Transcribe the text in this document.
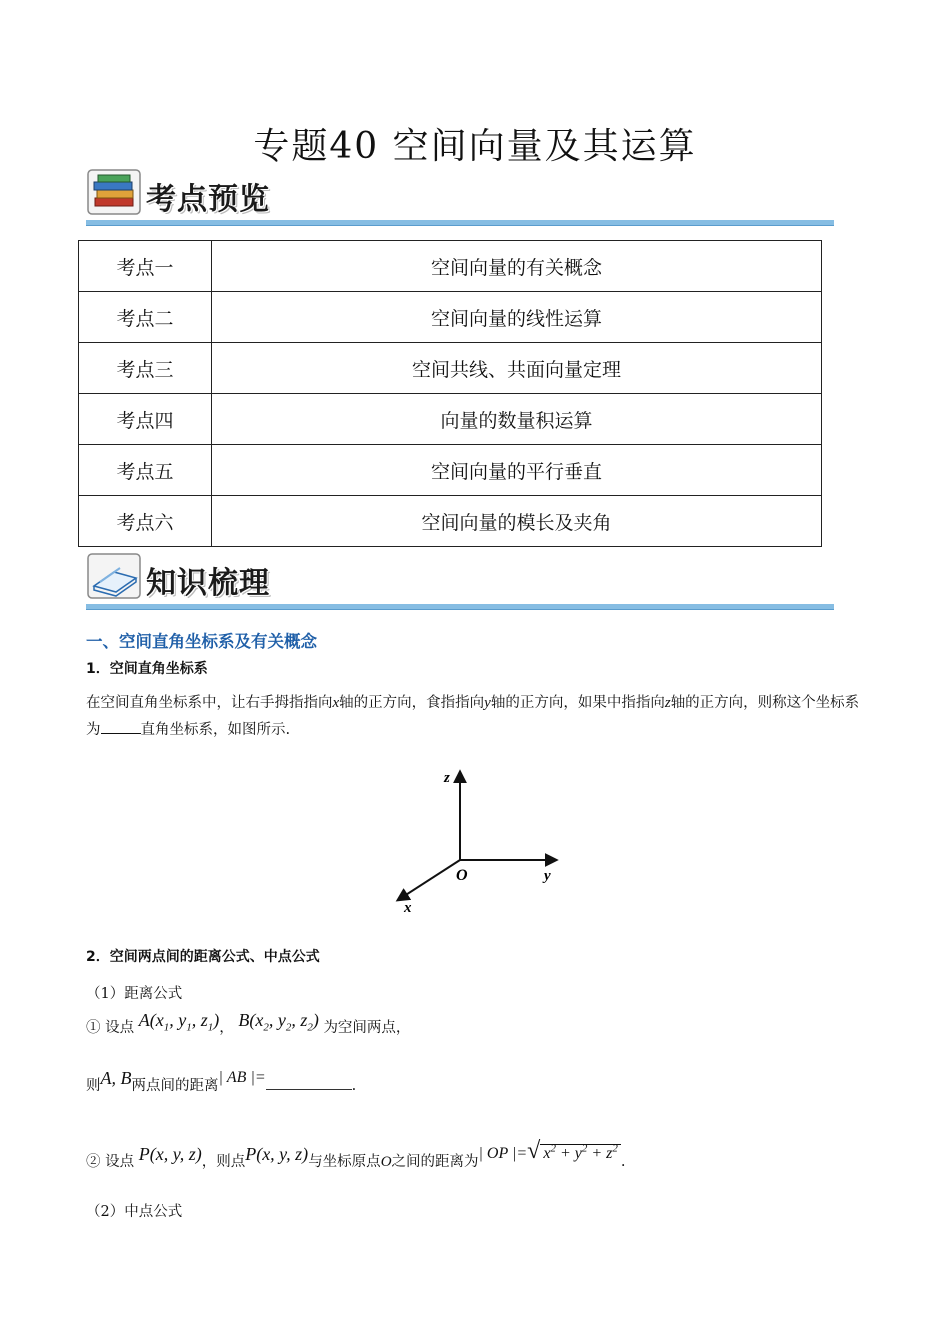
专题40 空间向量及其运算
考点预览
考点一	空间向量的有关概念
考点二	空间向量的线性运算
考点三	空间共线、共面向量定理
考点四	向量的数量积运算
考点五	空间向量的平行垂直
考点六	空间向量的模长及夹角
知识梳理
一、空间直角坐标系及有关概念
1．空间直角坐标系
在空间直角坐标系中，让右手拇指指向x轴的正方向，食指指向y轴的正方向，如果中指指向z轴的正方向，则称这个坐标系为	直角坐标系，如图所示.
z
y
x
O
2．空间两点间的距离公式、中点公式
（1）距离公式
① 设点 $A(x_1$, $y_1$, $z_1$)， $B(x_2$, $y_2$, $z_2$) 为空间两点，
则A, B两点间的距离| AB |=	.
② 设点 P(x, y, z)，则点P(x, y, z)与坐标原点O之间的距离为| OP |=√ $x^2 + y^2 + z^2$.
（2）中点公式
